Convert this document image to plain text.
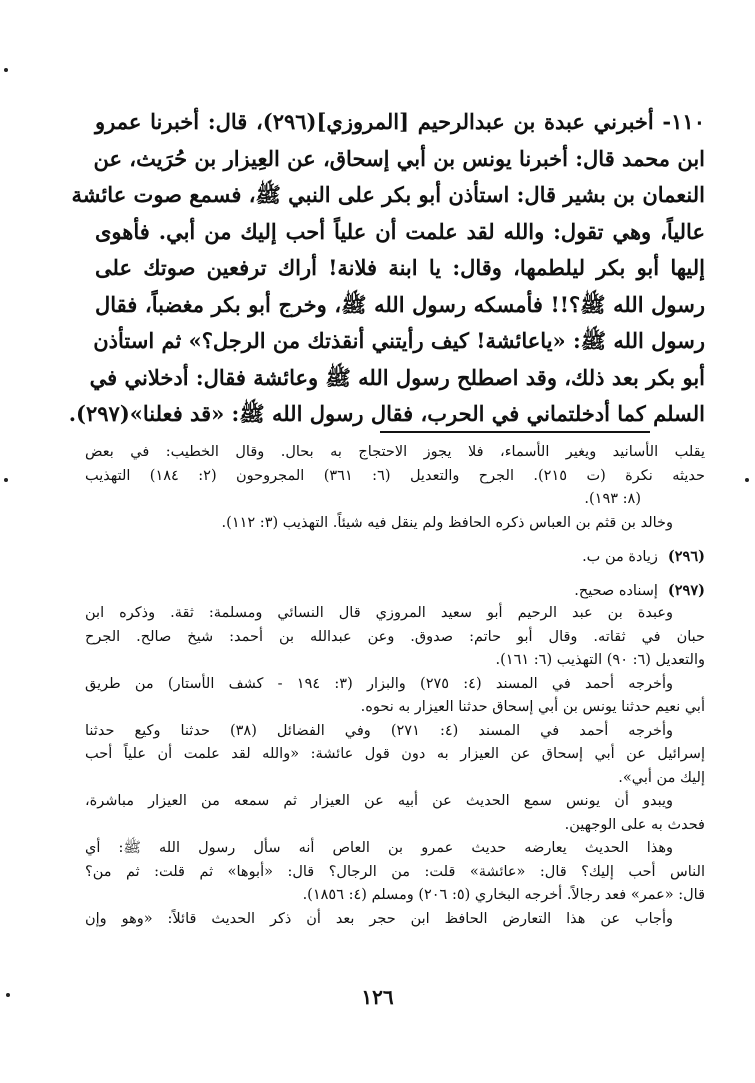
١١٠- أخبرني عبدة بن عبدالرحيم [المروزي](٢٩٦)، قال: أخبرنا عمرو
ابن محمد قال: أخبرنا يونس بن أبي إسحاق، عن العِيزار بن حُرَيث، عن
النعمان بن بشير قال: استأذن أبو بكر على النبي ﷺ، فسمع صوت عائشة
عالياً، وهي تقول: والله لقد علمت أن علياً أحب إليك من أبي. فأهوى
إليها أبو بكر ليلطمها، وقال: يا ابنة فلانة! أراك ترفعين صوتك على
رسول الله ﷺ؟!! فأمسكه رسول الله ﷺ، وخرج أبو بكر مغضباً، فقال
رسول الله ﷺ: «ياعائشة! كيف رأيتني أنقذتك من الرجل؟» ثم استأذن
أبو بكر بعد ذلك، وقد اصطلح رسول الله ﷺ وعائشة فقال: أدخلاني في
السلم كما أدخلتماني في الحرب، فقال رسول الله ﷺ: «قد فعلنا»(٢٩٧).
يقلب الأسانيد ويغير الأسماء، فلا يجوز الاحتجاج به بحال. وقال الخطيب: في بعض
حديثه نكرة (ت ٢١٥). الجرح والتعديل (٦: ٣٦١) المجروحون (٢: ١٨٤) التهذيب
(٨: ١٩٣).
وخالد بن قثم بن العباس ذكره الحافظ ولم ينقل فيه شيئاً. التهذيب (٣: ١١٢).
(٢٩٦)زيادة من ب.
(٢٩٧)إسناده صحيح.
وعبدة بن عبد الرحيم أبو سعيد المروزي قال النسائي ومسلمة: ثقة. وذكره ابن
حبان في ثقاته. وقال أبو حاتم: صدوق. وعن عبدالله بن أحمد: شيخ صالح. الجرح
والتعديل (٦: ٩٠) التهذيب (٦: ١٦١).
وأخرجه أحمد في المسند (٤: ٢٧٥) والبزار (٣: ١٩٤ - كشف الأستار) من طريق
أبي نعيم حدثنا يونس بن أبي إسحاق حدثنا العيزار به نحوه.
وأخرجه أحمد في المسند (٤: ٢٧١) وفي الفضائل (٣٨) حدثنا وكيع حدثنا
إسرائيل عن أبي إسحاق عن العيزار به دون قول عائشة: «والله لقد علمت أن علياً أحب
إليك من أبي».
ويبدو أن يونس سمع الحديث عن أبيه عن العيزار ثم سمعه من العيزار مباشرة،
فحدث به على الوجهين.
وهذا الحديث يعارضه حديث عمرو بن العاص أنه سأل رسول الله ﷺ: أي
الناس أحب إليك؟ قال: «عائشة» قلت: من الرجال؟ قال: «أبوها» ثم قلت: ثم من؟
قال: «عمر» فعد رجالاً. أخرجه البخاري (٥: ٢٠٦) ومسلم (٤: ١٨٥٦).
وأجاب عن هذا التعارض الحافظ ابن حجر بعد أن ذكر الحديث قائلاً: «وهو وإن
١٢٦
